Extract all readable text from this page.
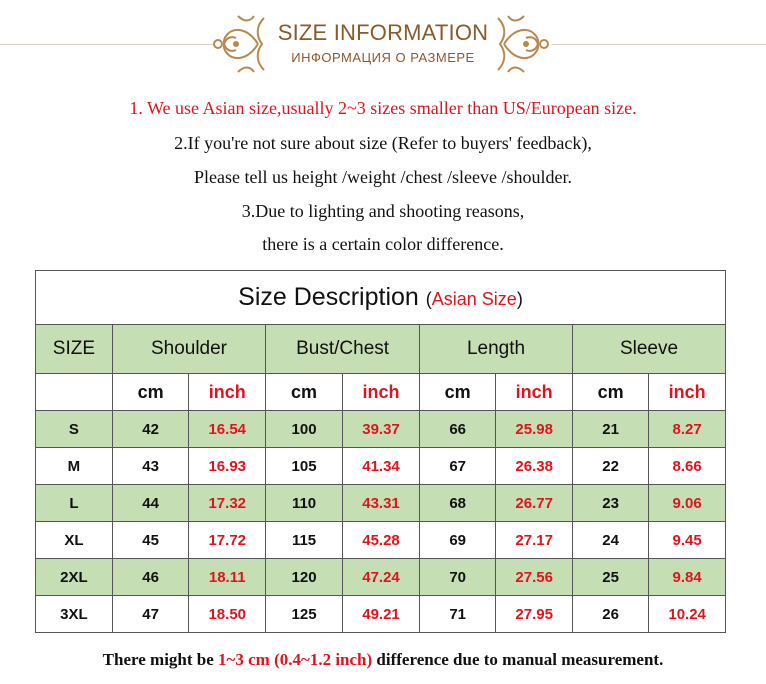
SIZE INFORMATION
ИНФОРМАЦИЯ О РАЗМЕРЕ
1. We use Asian size,usually 2~3 sizes smaller than US/European size.
2.If you're not sure about size (Refer to buyers' feedback),
Please tell us height /weight /chest /sleeve /shoulder.
3.Due to lighting and shooting reasons,
there is a certain color difference.
Size Description (Asian Size)								
SIZE	Shoulder		Bust/Chest		Length		Sleeve	
	cm	inch	cm	inch	cm	inch	cm	inch
S	42	16.54	100	39.37	66	25.98	21	8.27
M	43	16.93	105	41.34	67	26.38	22	8.66
L	44	17.32	110	43.31	68	26.77	23	9.06
XL	45	17.72	115	45.28	69	27.17	24	9.45
2XL	46	18.11	120	47.24	70	27.56	25	9.84
3XL	47	18.50	125	49.21	71	27.95	26	10.24
There might be 1~3 cm (0.4~1.2 inch) difference due to manual measurement.
